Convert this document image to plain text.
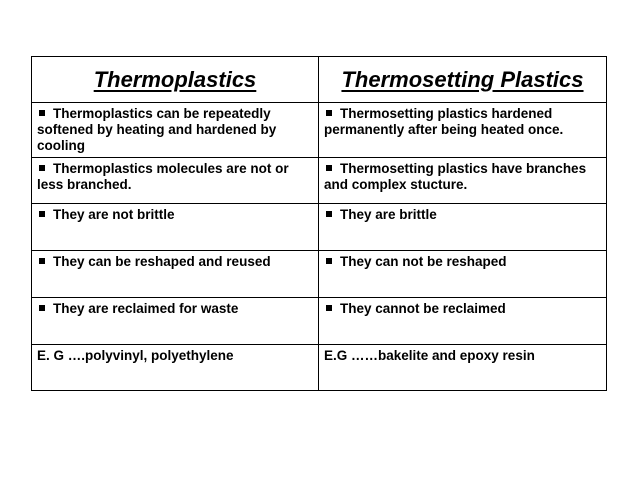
Thermoplastics	Thermosetting Plastics

Thermoplastics can be repeatedly softened by heating and hardened by cooling	Thermosetting plastics hardened permanently after being heated once.

Thermoplastics molecules are not or less branched.	Thermosetting plastics have branches and complex stucture.

They are not brittle	They are brittle

They can be reshaped and reused	They can not be reshaped

They are reclaimed for waste	They cannot be reclaimed

E. G ….polyvinyl, polyethylene	E.G ……bakelite and epoxy resin
